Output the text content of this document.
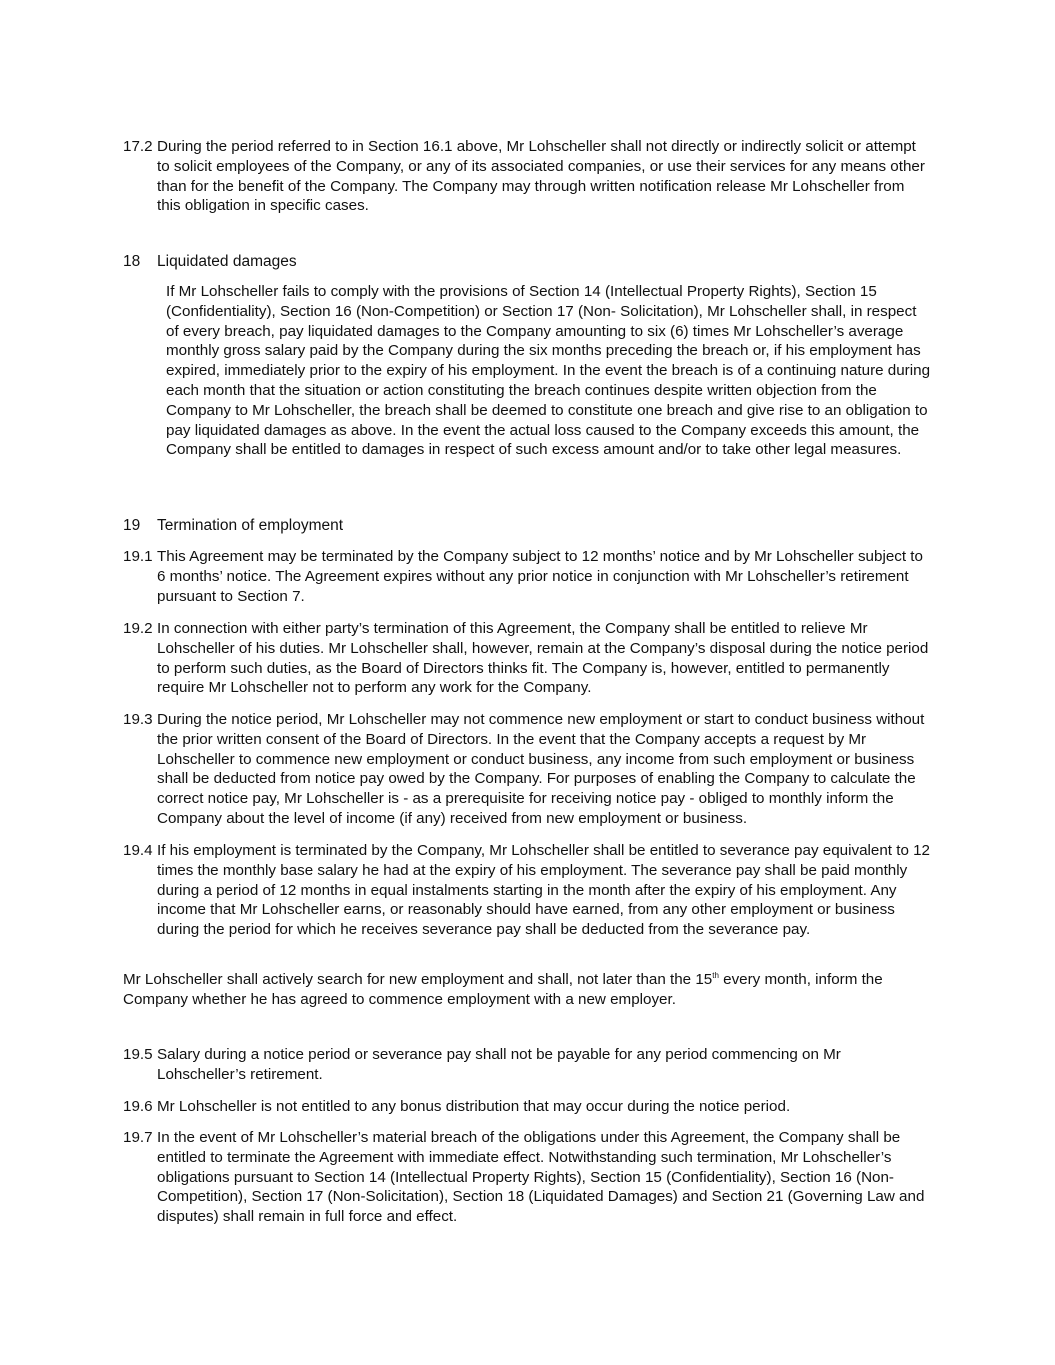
17.2 During the period referred to in Section 16.1 above, Mr Lohscheller shall not directly or indirectly solicit or attempt to solicit employees of the Company, or any of its associated companies, or use their services for any means other than for the benefit of the Company. The Company may through written notification release Mr Lohscheller from this obligation in specific cases.
18 Liquidated damages
If Mr Lohscheller fails to comply with the provisions of Section 14 (Intellectual Property Rights), Section 15 (Confidentiality), Section 16 (Non-Competition) or Section 17 (Non- Solicitation), Mr Lohscheller shall, in respect of every breach, pay liquidated damages to the Company amounting to six (6) times Mr Lohscheller’s average monthly gross salary paid by the Company during the six months preceding the breach or, if his employment has expired, immediately prior to the expiry of his employment. In the event the breach is of a continuing nature during each month that the situation or action constituting the breach continues despite written objection from the Company to Mr Lohscheller, the breach shall be deemed to constitute one breach and give rise to an obligation to pay liquidated damages as above. In the event the actual loss caused to the Company exceeds this amount, the Company shall be entitled to damages in respect of such excess amount and/or to take other legal measures.
19 Termination of employment
19.1 This Agreement may be terminated by the Company subject to 12 months’ notice and by Mr Lohscheller subject to 6 months’ notice. The Agreement expires without any prior notice in conjunction with Mr Lohscheller’s retirement pursuant to Section 7.
19.2 In connection with either party’s termination of this Agreement, the Company shall be entitled to relieve Mr Lohscheller of his duties. Mr Lohscheller shall, however, remain at the Company’s disposal during the notice period to perform such duties, as the Board of Directors thinks fit. The Company is, however, entitled to permanently require Mr Lohscheller not to perform any work for the Company.
19.3 During the notice period, Mr Lohscheller may not commence new employment or start to conduct business without the prior written consent of the Board of Directors. In the event that the Company accepts a request by Mr Lohscheller to commence new employment or conduct business, any income from such employment or business shall be deducted from notice pay owed by the Company. For purposes of enabling the Company to calculate the correct notice pay, Mr Lohscheller is - as a prerequisite for receiving notice pay - obliged to monthly inform the Company about the level of income (if any) received from new employment or business.
19.4 If his employment is terminated by the Company, Mr Lohscheller shall be entitled to severance pay equivalent to 12 times the monthly base salary he had at the expiry of his employment. The severance pay shall be paid monthly during a period of 12 months in equal instalments starting in the month after the expiry of his employment. Any income that Mr Lohscheller earns, or reasonably should have earned, from any other employment or business during the period for which he receives severance pay shall be deducted from the severance pay.
Mr Lohscheller shall actively search for new employment and shall, not later than the 15th every month, inform the Company whether he has agreed to commence employment with a new employer.
19.5 Salary during a notice period or severance pay shall not be payable for any period commencing on Mr Lohscheller’s retirement.
19.6 Mr Lohscheller is not entitled to any bonus distribution that may occur during the notice period.
19.7 In the event of Mr Lohscheller’s material breach of the obligations under this Agreement, the Company shall be entitled to terminate the Agreement with immediate effect. Notwithstanding such termination, Mr Lohscheller’s obligations pursuant to Section 14 (Intellectual Property Rights), Section 15 (Confidentiality), Section 16 (Non-Competition), Section 17 (Non-Solicitation), Section 18 (Liquidated Damages) and Section 21 (Governing Law and disputes) shall remain in full force and effect.
